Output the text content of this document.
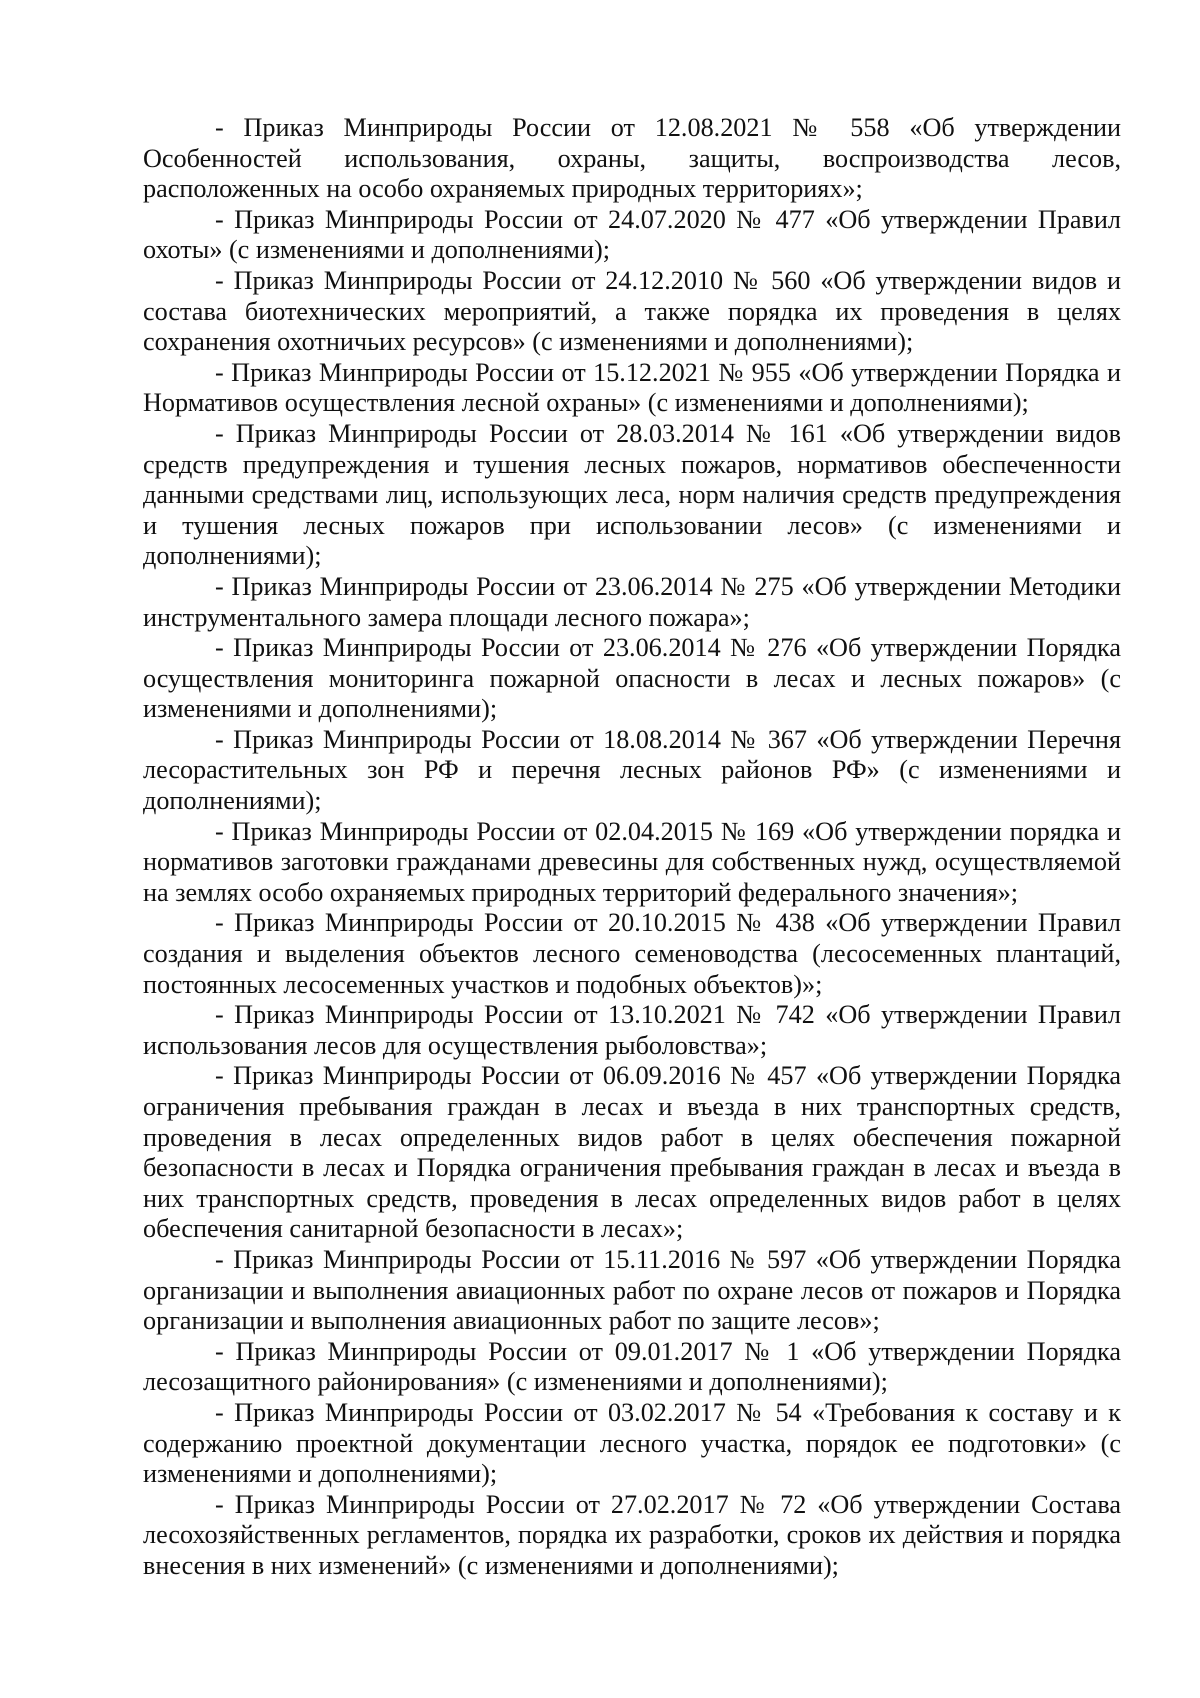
- Приказ Минприроды России от 12.08.2021 № 558 «Об утверждении Особенностей использования, охраны, защиты, воспроизводства лесов, расположенных на особо охраняемых природных территориях»;

- Приказ Минприроды России от 24.07.2020 № 477 «Об утверждении Правил охоты» (с изменениями и дополнениями);

- Приказ Минприроды России от 24.12.2010 № 560 «Об утверждении видов и состава биотехнических мероприятий, а также порядка их проведения в целях сохранения охотничьих ресурсов» (с изменениями и дополнениями);

- Приказ Минприроды России от 15.12.2021 № 955 «Об утверждении Порядка и Нормативов осуществления лесной охраны» (с изменениями и дополнениями);

- Приказ Минприроды России от 28.03.2014 № 161 «Об утверждении видов средств предупреждения и тушения лесных пожаров, нормативов обеспеченности данными средствами лиц, использующих леса, норм наличия средств предупреждения и тушения лесных пожаров при использовании лесов» (с изменениями и дополнениями);

- Приказ Минприроды России от 23.06.2014 № 275 «Об утверждении Методики инструментального замера площади лесного пожара»;

- Приказ Минприроды России от 23.06.2014 № 276 «Об утверждении Порядка осуществления мониторинга пожарной опасности в лесах и лесных пожаров» (с изменениями и дополнениями);

- Приказ Минприроды России от 18.08.2014 № 367 «Об утверждении Перечня лесорастительных зон РФ и перечня лесных районов РФ» (с изменениями и дополнениями);

- Приказ Минприроды России от 02.04.2015 № 169 «Об утверждении порядка и нормативов заготовки гражданами древесины для собственных нужд, осуществляемой на землях особо охраняемых природных территорий федерального значения»;

- Приказ Минприроды России от 20.10.2015 № 438 «Об утверждении Правил создания и выделения объектов лесного семеноводства (лесосеменных плантаций, постоянных лесосеменных участков и подобных объектов)»;

- Приказ Минприроды России от 13.10.2021 № 742 «Об утверждении Правил использования лесов для осуществления рыболовства»;

- Приказ Минприроды России от 06.09.2016 № 457 «Об утверждении Порядка ограничения пребывания граждан в лесах и въезда в них транспортных средств, проведения в лесах определенных видов работ в целях обеспечения пожарной безопасности в лесах и Порядка ограничения пребывания граждан в лесах и въезда в них транспортных средств, проведения в лесах определенных видов работ в целях обеспечения санитарной безопасности в лесах»;

- Приказ Минприроды России от 15.11.2016 № 597 «Об утверждении Порядка организации и выполнения авиационных работ по охране лесов от пожаров и Порядка организации и выполнения авиационных работ по защите лесов»;

- Приказ Минприроды России от 09.01.2017 № 1 «Об утверждении Порядка лесозащитного районирования» (с изменениями и дополнениями);

- Приказ Минприроды России от 03.02.2017 № 54 «Требования к составу и к содержанию проектной документации лесного участка, порядок ее подготовки» (с изменениями и дополнениями);

- Приказ Минприроды России от 27.02.2017 № 72 «Об утверждении Состава лесохозяйственных регламентов, порядка их разработки, сроков их действия и порядка внесения в них изменений» (с изменениями и дополнениями);
